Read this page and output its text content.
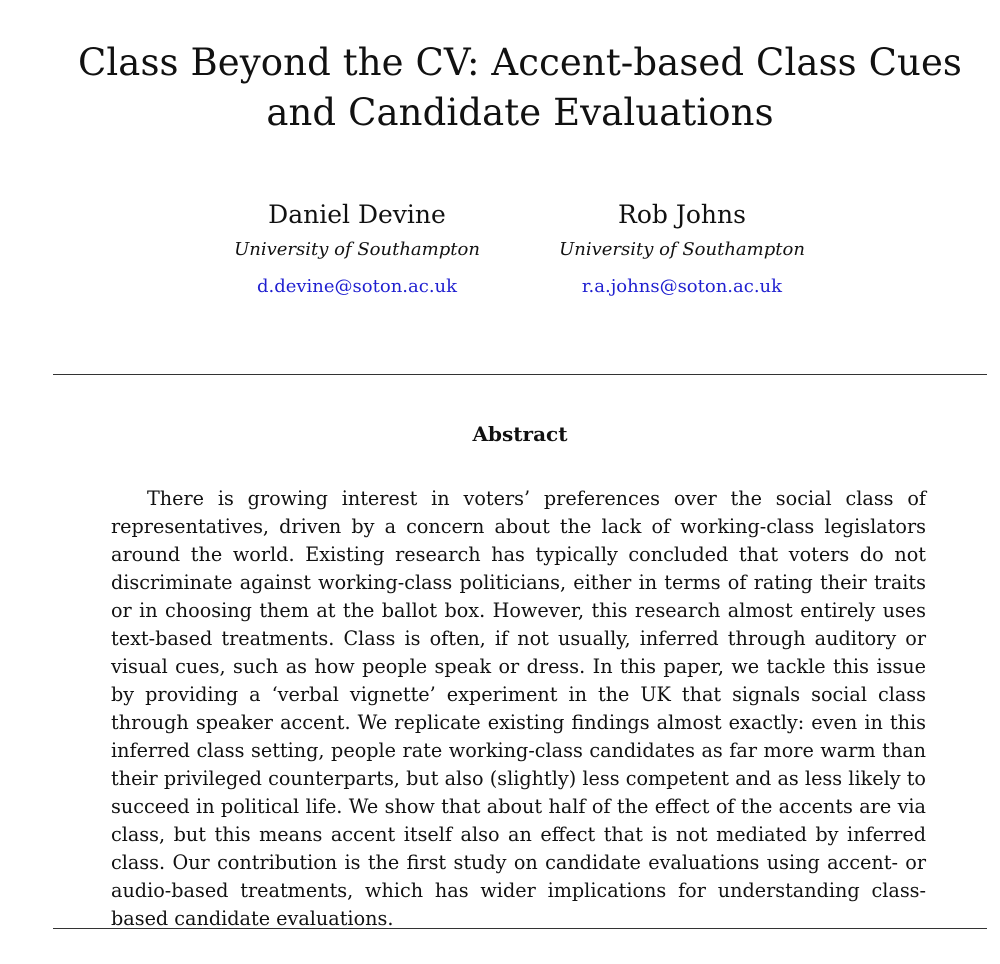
Class Beyond the CV: Accent-based Class Cues and Candidate Evaluations
Daniel Devine
University of Southampton
d.devine@soton.ac.uk
Rob Johns
University of Southampton
r.a.johns@soton.ac.uk
Abstract

There is growing interest in voters’ preferences over the social class of representatives, driven by a concern about the lack of working-class legislators around the world. Existing research has typically concluded that voters do not discriminate against working-class politicians, either in terms of rating their traits or in choosing them at the ballot box. However, this research almost entirely uses text-based treatments. Class is often, if not usually, inferred through auditory or visual cues, such as how people speak or dress. In this paper, we tackle this issue by providing a ‘verbal vignette’ experiment in the UK that signals social class through speaker accent. We replicate existing findings almost exactly: even in this inferred class setting, people rate working-class candidates as far more warm than their privileged counterparts, but also (slightly) less competent and as less likely to succeed in political life. We show that about half of the effect of the accents are via class, but this means accent itself also an effect that is not mediated by inferred class. Our contribution is the first study on candidate evaluations using accent- or audio-based treatments, which has wider implications for understanding class-based candidate evaluations.
